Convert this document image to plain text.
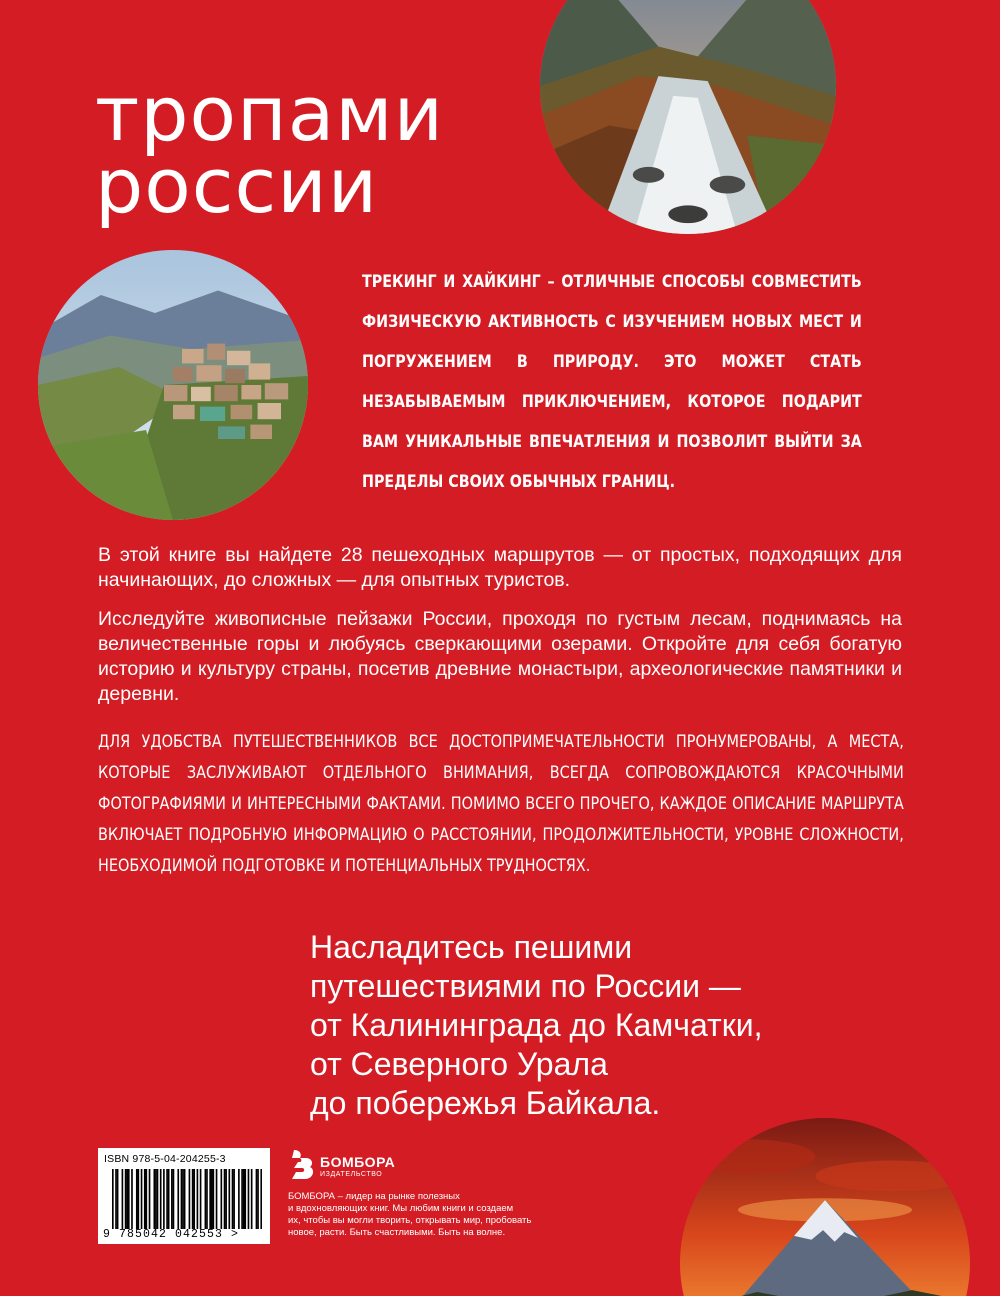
тропами
россии
ТРЕКИНГ И ХАЙКИНГ – ОТЛИЧНЫЕ СПОСОБЫ СОВМЕСТИТЬ ФИЗИЧЕСКУЮ АКТИВНОСТЬ С ИЗУЧЕНИЕМ НОВЫХ МЕСТ И ПОГРУЖЕНИЕМ В ПРИРОДУ. ЭТО МОЖЕТ СТАТЬ НЕЗАБЫВАЕМЫМ ПРИКЛЮЧЕНИЕМ, КОТОРОЕ ПОДАРИТ ВАМ УНИКАЛЬНЫЕ ВПЕЧАТЛЕНИЯ И ПОЗВОЛИТ ВЫЙТИ ЗА ПРЕДЕЛЫ СВОИХ ОБЫЧНЫХ ГРАНИЦ.
В этой книге вы найдете 28 пешеходных маршрутов — от простых, подходящих для начинающих, до сложных — для опытных туристов.
Исследуйте живописные пейзажи России, проходя по густым лесам, поднимаясь на величественные горы и любуясь сверкающими озерами. Откройте для себя богатую историю и культуру страны, посетив древние монастыри, археологические памятники и деревни.
ДЛЯ УДОБСТВА ПУТЕШЕСТВЕННИКОВ ВСЕ ДОСТОПРИМЕЧАТЕЛЬНОСТИ ПРОНУМЕРОВАНЫ, А МЕСТА, КОТОРЫЕ ЗАСЛУЖИВАЮТ ОТДЕЛЬНОГО ВНИМАНИЯ, ВСЕГДА СОПРОВОЖДАЮТСЯ КРАСОЧНЫМИ ФОТОГРАФИЯМИ И ИНТЕРЕСНЫМИ ФАКТАМИ. ПОМИМО ВСЕГО ПРОЧЕГО, КАЖДОЕ ОПИСАНИЕ МАРШРУТА ВКЛЮЧАЕТ ПОДРОБНУЮ ИНФОРМАЦИЮ О РАССТОЯНИИ, ПРОДОЛЖИТЕЛЬНОСТИ, УРОВНЕ СЛОЖНОСТИ, НЕОБХОДИМОЙ ПОДГОТОВКЕ И ПОТЕНЦИАЛЬНЫХ ТРУДНОСТЯХ.
Насладитесь пешими
путешествиями по России —
от Калининграда до Камчатки,
от Северного Урала
до побережья Байкала.
ISBN 978-5-04-204255-3
9 785042 042553 >
БОМБОРА
ИЗДАТЕЛЬСТВО
БОМБОРА – лидер на рынке полезных
и вдохновляющих книг. Мы любим книги и создаем
их, чтобы вы могли творить, открывать мир, пробовать
новое, расти. Быть счастливыми. Быть на волне.
